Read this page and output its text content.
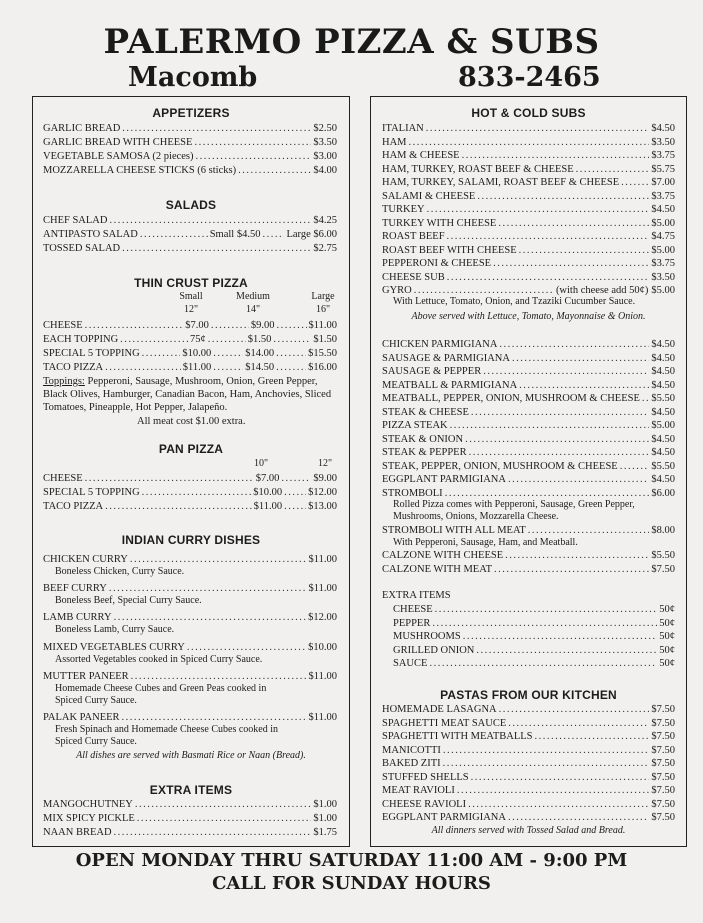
PALERMO PIZZA & SUBS
Macomb	833-2465
APPETIZERS
GARLIC BREAD .....	$2.50
GARLIC BREAD WITH CHEESE .....	$3.50
VEGETABLE SAMOSA (2 pieces) .....	$3.00
MOZZARELLA CHEESE STICKS (6 sticks) .....	$4.00
SALADS
CHEF SALAD .....	$4.25
ANTIPASTO SALAD .....	Small $4.50 ..... Large $6.00
TOSSED SALAD .....	$2.75
THIN CRUST PIZZA
Small	Medium	Large
12"	14"	16"
CHEESE .....	$7.00 .....	$9.00 .....	$11.00
EACH TOPPING .....	75¢ .....	$1.50 .....	$1.50
SPECIAL 5 TOPPING .....	$10.00 .....	$14.00 .....	$15.50
TACO PIZZA .....	$11.00 .....	$14.50 .....	$16.00
Toppings: Pepperoni, Sausage, Mushroom, Onion, Green Pepper,
Black Olives, Hamburger, Canadian Bacon, Ham, Anchovies, Sliced
Tomatoes, Pineapple, Hot Pepper, Jalapeño.
All meat cost $1.00 extra.
PAN PIZZA
10"	12"
CHEESE .....	$7.00 .....	$9.00
SPECIAL 5 TOPPING .....	$10.00 ..... $12.00
TACO PIZZA .....	$11.00 ..... $13.00
INDIAN CURRY DISHES
CHICKEN CURRY .....	$11.00
Boneless Chicken, Curry Sauce.
BEEF CURRY .....	$11.00
Boneless Beef, Special Curry Sauce.
LAMB CURRY .....	$12.00
Boneless Lamb, Curry Sauce.
MIXED VEGETABLES CURRY .....	$10.00
Assorted Vegetables cooked in Spiced Curry Sauce.
MUTTER PANEER .....	$11.00
Homemade Cheese Cubes and Green Peas cooked in
Spiced Curry Sauce.
PALAK PANEER .....	$11.00
Fresh Spinach and Homemade Cheese Cubes cooked in
Spiced Curry Sauce.
All dishes are served with Basmati Rice or Naan (Bread).
EXTRA ITEMS
MANGOCHUTNEY .....	$1.00
MIX SPICY PICKLE .....	$1.00
NAAN BREAD .....	$1.75
HOT & COLD SUBS
ITALIAN .....	$4.50
HAM .....	$3.50
HAM & CHEESE .....	$3.75
HAM, TURKEY, ROAST BEEF & CHEESE .....	$5.75
HAM, TURKEY, SALAMI, ROAST BEEF & CHEESE .....	$7.00
SALAMI & CHEESE .....	$3.75
TURKEY .....	$4.50
TURKEY WITH CHEESE .....	$5.00
ROAST BEEF .....	$4.75
ROAST BEEF WITH CHEESE .....	$5.00
PEPPERONI & CHEESE .....	$3.75
CHEESE SUB .....	$3.50
GYRO .....	(with cheese add 50¢) $5.00
With Lettuce, Tomato, Onion, and Tzaziki Cucumber Sauce.
Above served with Lettuce, Tomato, Mayonnaise & Onion.
CHICKEN PARMIGIANA .....	$4.50
SAUSAGE & PARMIGIANA .....	$4.50
SAUSAGE & PEPPER .....	$4.50
MEATBALL & PARMIGIANA .....	$4.50
MEATBALL, PEPPER, ONION, MUSHROOM & CHEESE ..... $5.50
STEAK & CHEESE .....	$4.50
PIZZA STEAK .....	$5.00
STEAK & ONION .....	$4.50
STEAK & PEPPER .....	$4.50
STEAK, PEPPER, ONION, MUSHROOM & CHEESE .....	$5.50
EGGPLANT PARMIGIANA .....	$4.50
STROMBOLI .....	$6.00
Rolled Pizza comes with Pepperoni, Sausage, Green Pepper,
Mushrooms, Onions, Mozzarella Cheese.
STROMBOLI WITH ALL MEAT .....	$8.00
With Pepperoni, Sausage, Ham, and Meatball.
CALZONE WITH CHEESE .....	$5.50
CALZONE WITH MEAT .....	$7.50
EXTRA ITEMS
CHEESE .....	50¢
PEPPER .....	50¢
MUSHROOMS .....	50¢
GRILLED ONION .....	50¢
SAUCE .....	50¢
PASTAS FROM OUR KITCHEN
HOMEMADE LASAGNA .....	$7.50
SPAGHETTI MEAT SAUCE .....	$7.50
SPAGHETTI WITH MEATBALLS .....	$7.50
MANICOTTI .....	$7.50
BAKED ZITI .....	$7.50
STUFFED SHELLS .....	$7.50
MEAT RAVIOLI .....	$7.50
CHEESE RAVIOLI .....	$7.50
EGGPLANT PARMIGIANA .....	$7.50
All dinners served with Tossed Salad and Bread.
OPEN MONDAY THRU SATURDAY 11:00 AM - 9:00 PM
CALL FOR SUNDAY HOURS
